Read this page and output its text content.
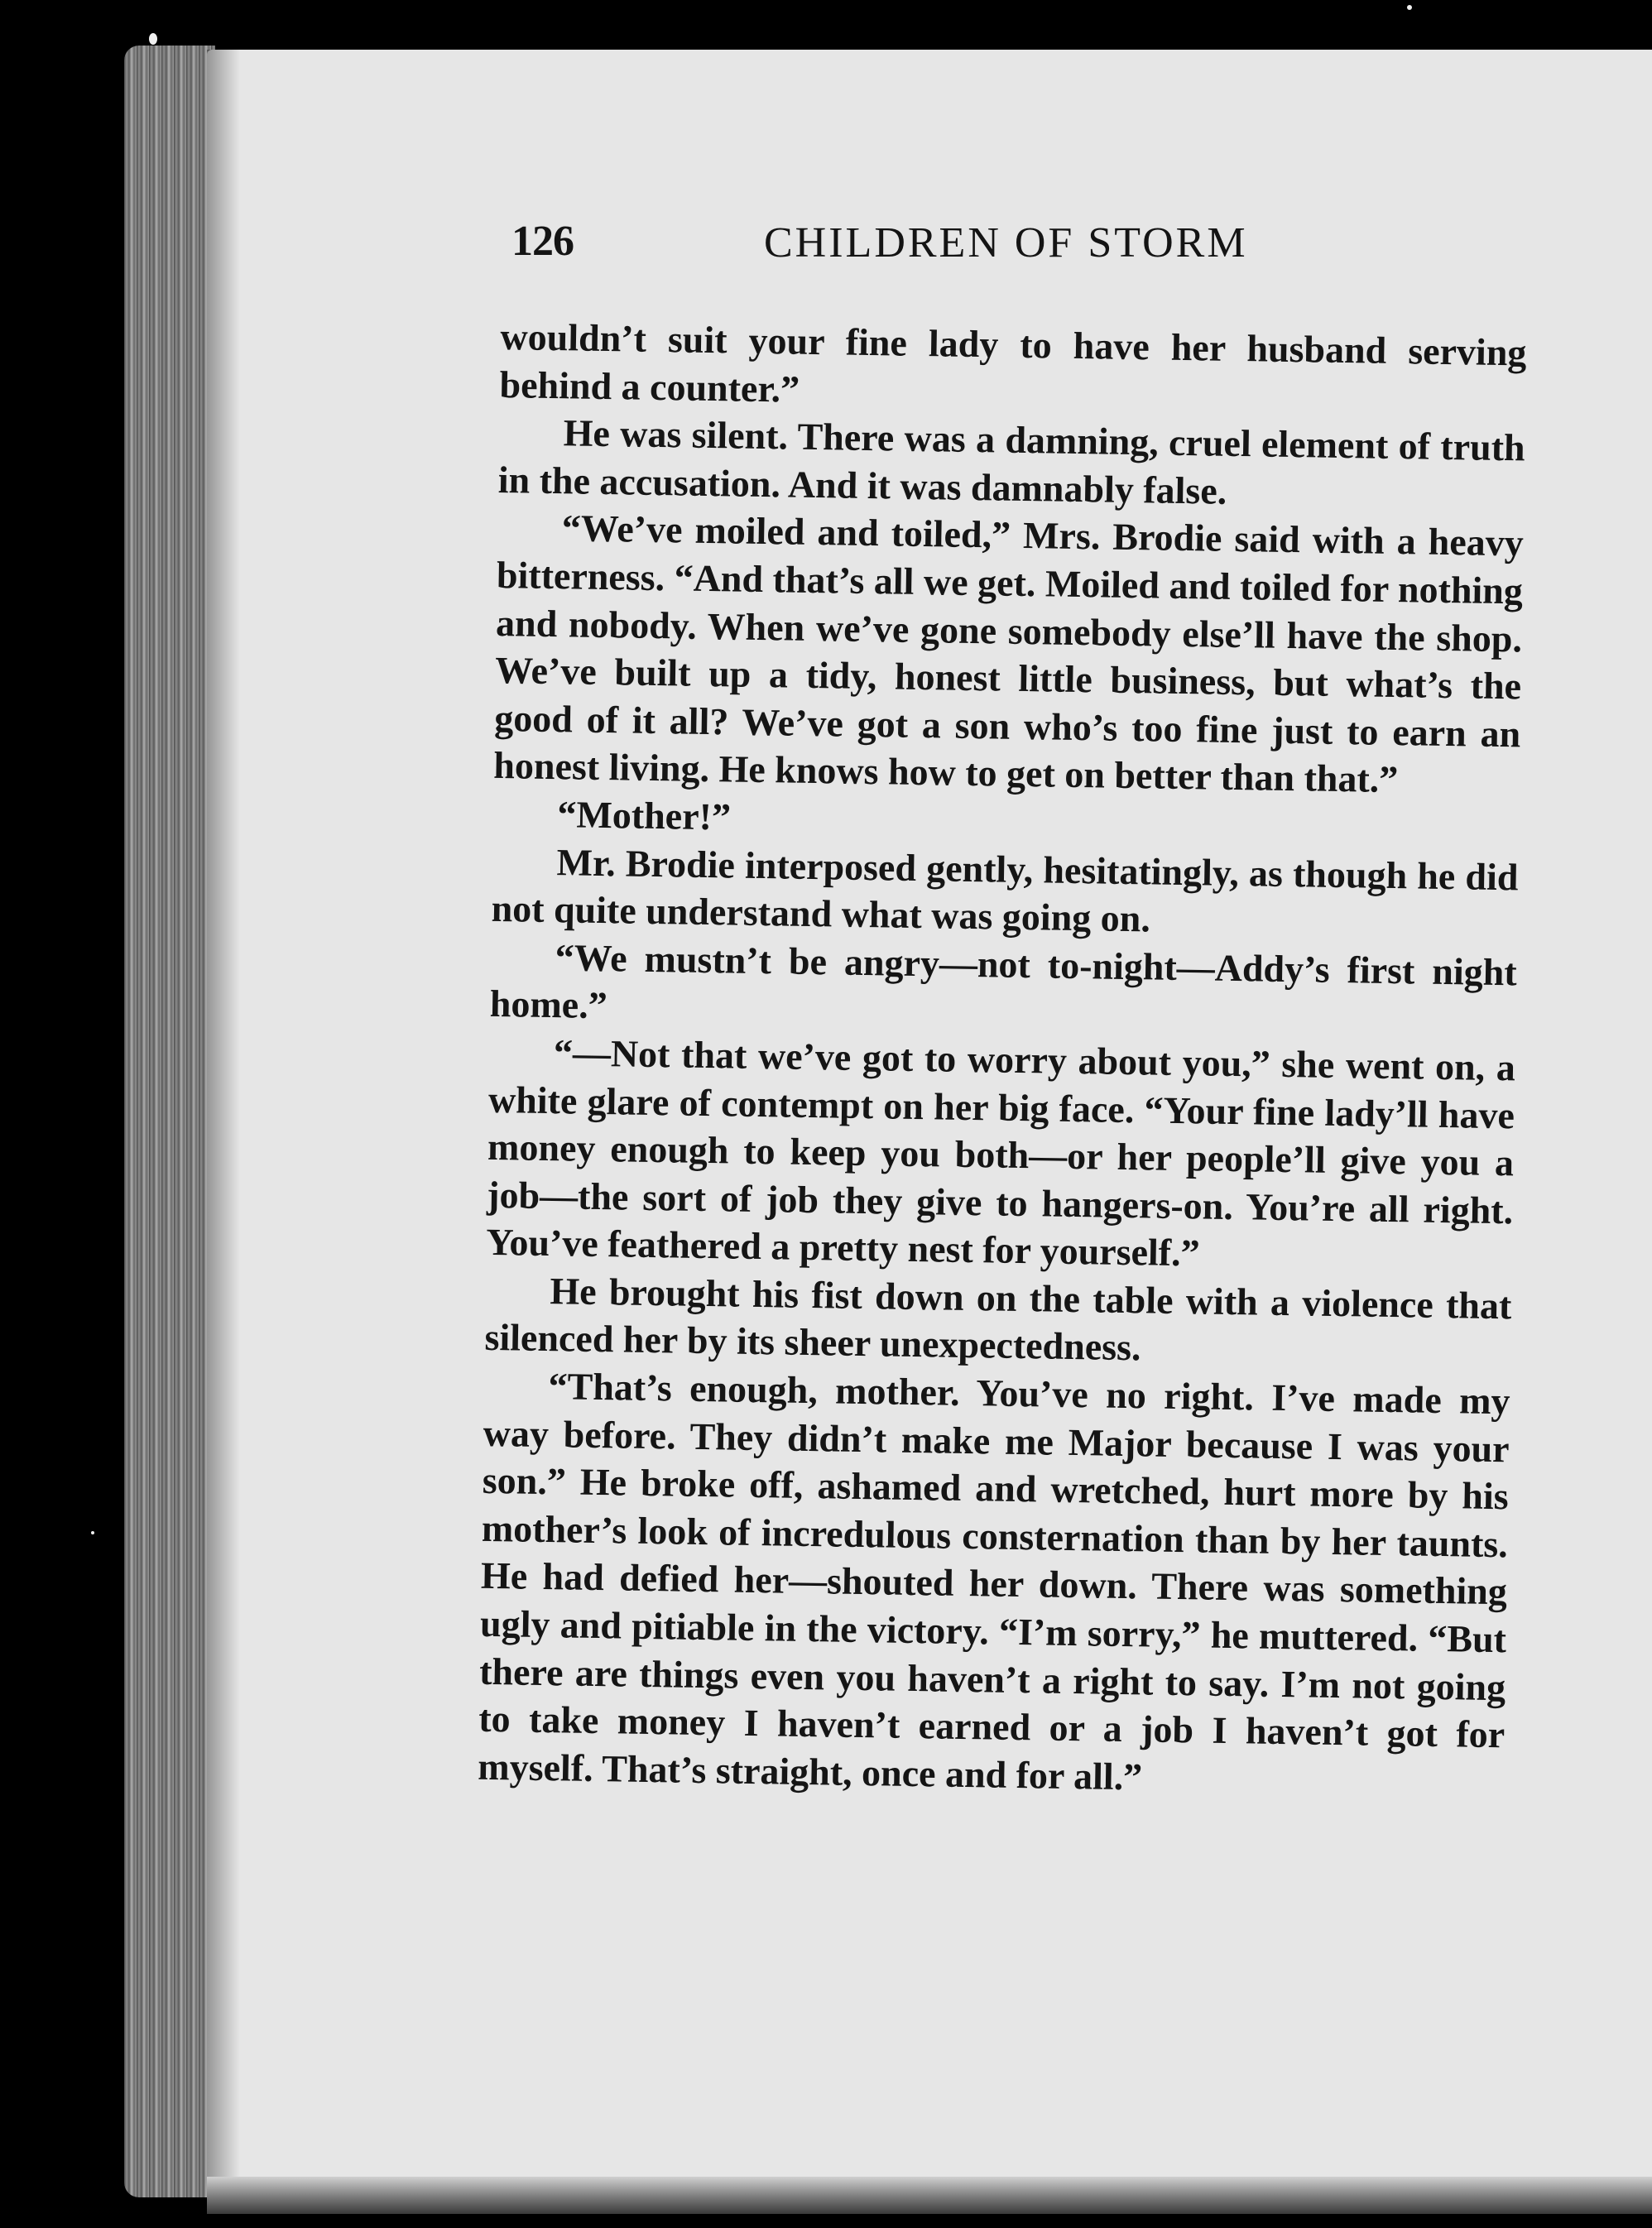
126	CHILDREN OF STORM

wouldn’t suit your fine lady to have her husband serving behind a counter.”

He was silent. There was a damning, cruel element of truth in the accusation. And it was damnably false.

“We’ve moiled and toiled,” Mrs. Brodie said with a heavy bitterness. “And that’s all we get. Moiled and toiled for nothing and nobody. When we’ve gone somebody else’ll have the shop. We’ve built up a tidy, honest little business, but what’s the good of it all? We’ve got a son who’s too fine just to earn an honest living. He knows how to get on better than that.”

“Mother!”

Mr. Brodie interposed gently, hesitatingly, as though he did not quite understand what was going on.

“We mustn’t be angry—not to-night—Addy’s first night home.”

“—Not that we’ve got to worry about you,” she went on, a white glare of contempt on her big face. “Your fine lady’ll have money enough to keep you both—or her people’ll give you a job—the sort of job they give to hangers-on. You’re all right. You’ve feathered a pretty nest for yourself.”

He brought his fist down on the table with a violence that silenced her by its sheer unexpectedness.

“That’s enough, mother. You’ve no right. I’ve made my way before. They didn’t make me Major because I was your son.” He broke off, ashamed and wretched, hurt more by his mother’s look of incredulous consternation than by her taunts. He had defied her—shouted her down. There was something ugly and pitiable in the victory. “I’m sorry,” he muttered. “But there are things even you haven’t a right to say. I’m not going to take money I haven’t earned or a job I haven’t got for myself. That’s straight, once and for all.”
